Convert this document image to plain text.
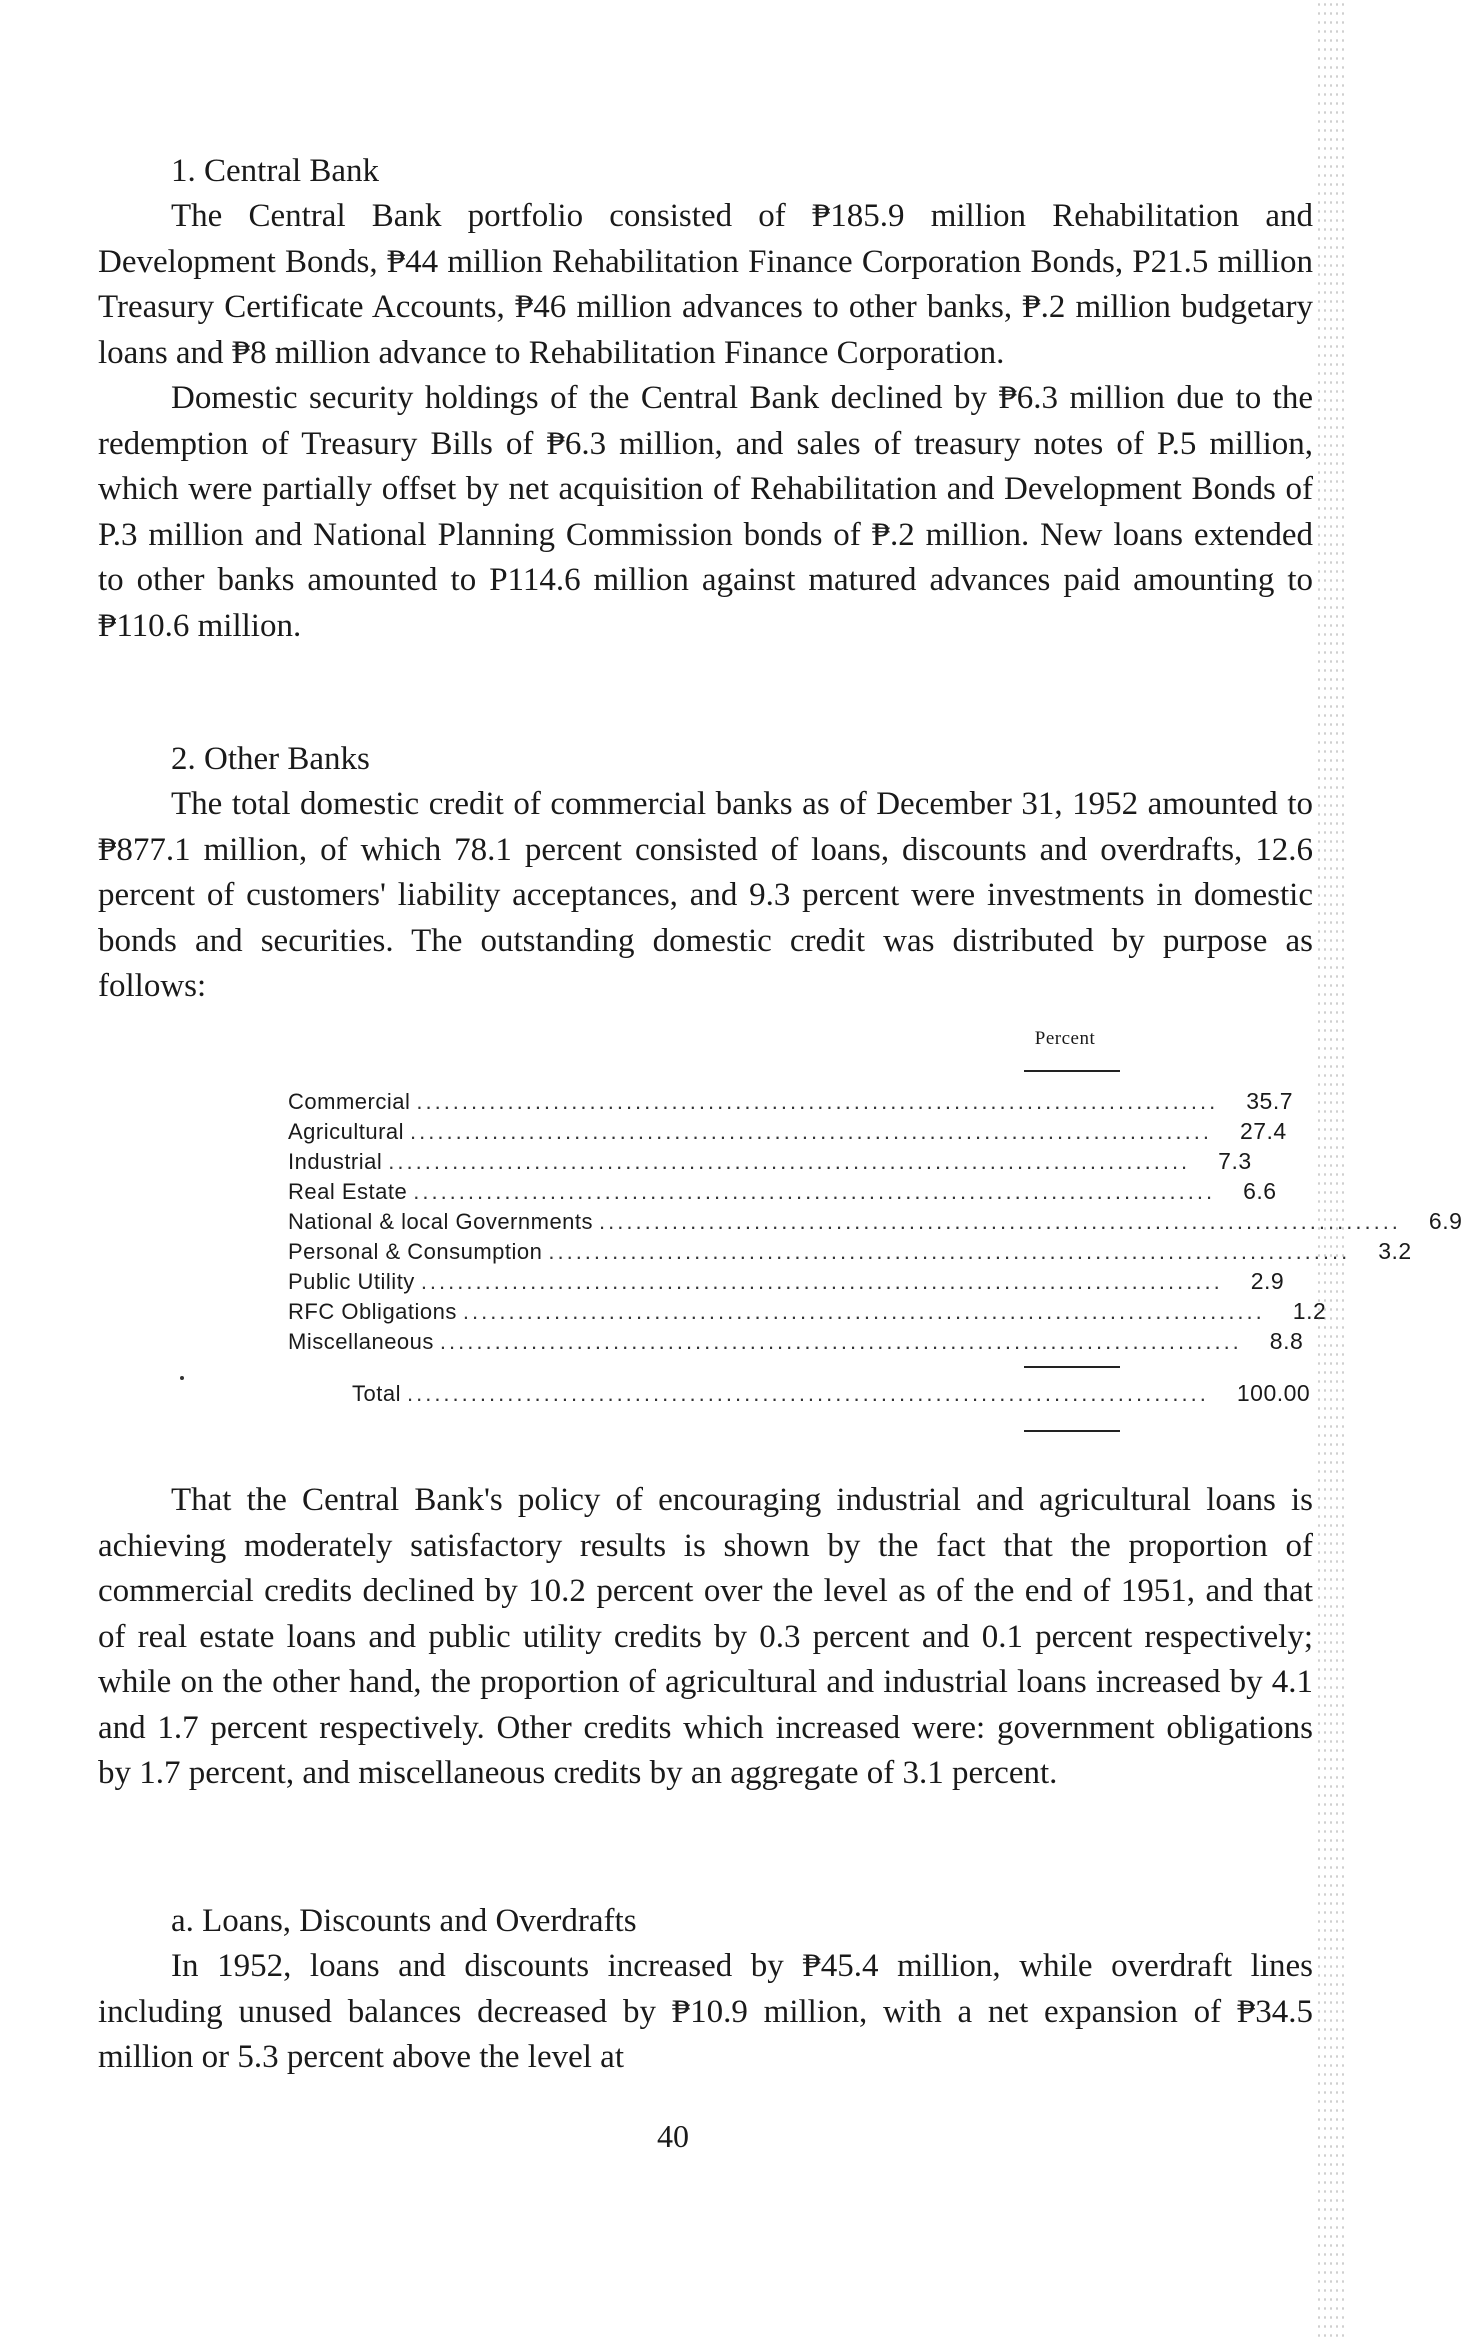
1. Central Bank

The Central Bank portfolio consisted of ₱185.9 million Rehabilitation and Development Bonds, ₱44 million Rehabilitation Finance Corporation Bonds, P21.5 million Treasury Certificate Accounts, ₱46 million advances to other banks, ₱.2 million budgetary loans and ₱8 million advance to Rehabilitation Finance Corporation.

Domestic security holdings of the Central Bank declined by ₱6.3 million due to the redemption of Treasury Bills of ₱6.3 million, and sales of treasury notes of P.5 million, which were partially offset by net acquisition of Rehabilitation and Development Bonds of P.3 million and National Planning Commission bonds of ₱.2 million. New loans extended to other banks amounted to P114.6 million against matured advances paid amounting to ₱110.6 million.

2. Other Banks

The total domestic credit of commercial banks as of December 31, 1952 amounted to ₱877.1 million, of which 78.1 percent consisted of loans, discounts and overdrafts, 12.6 percent of customers' liability acceptances, and 9.3 percent were investments in domestic bonds and securities. The outstanding domestic credit was distributed by purpose as follows:

Percent
Commercial ........................................................................................ 35.7
Agricultural ........................................................................................ 27.4
Industrial ........................................................................................ 7.3
Real Estate ........................................................................................ 6.6
National & local Governments ........................................................................................ 6.9
Personal & Consumption ........................................................................................ 3.2
Public Utility ........................................................................................ 2.9
RFC Obligations ........................................................................................ 1.2
Miscellaneous ........................................................................................ 8.8
Total ........................................................................................ 100.00

That the Central Bank's policy of encouraging industrial and agricultural loans is achieving moderately satisfactory results is shown by the fact that the proportion of commercial credits declined by 10.2 percent over the level as of the end of 1951, and that of real estate loans and public utility credits by 0.3 percent and 0.1 percent respectively; while on the other hand, the proportion of agricultural and industrial loans increased by 4.1 and 1.7 percent respectively. Other credits which increased were: government obligations by 1.7 percent, and miscellaneous credits by an aggregate of 3.1 percent.

a. Loans, Discounts and Overdrafts

In 1952, loans and discounts increased by ₱45.4 million, while overdraft lines including unused balances decreased by ₱10.9 million, with a net expansion of ₱34.5 million or 5.3 percent above the level at

40
